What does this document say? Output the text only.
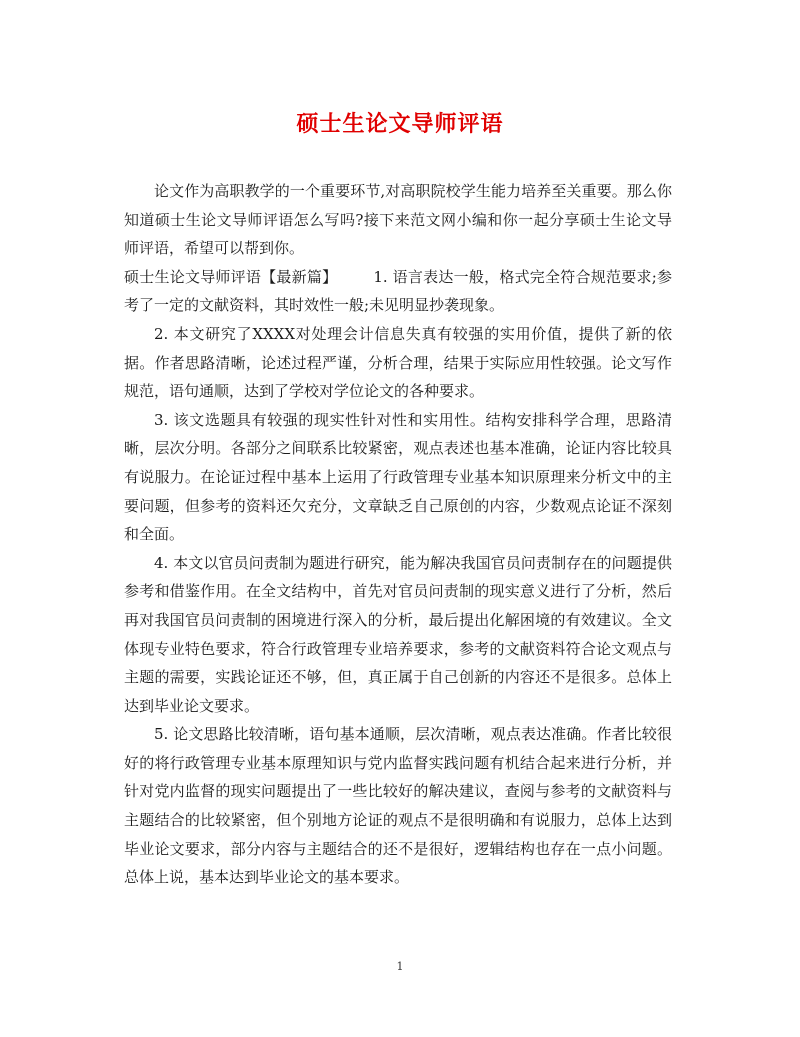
硕士生论文导师评语

论文作为高职教学的一个重要环节,对高职院校学生能力培养至关重要。那么你知道硕士生论文导师评语怎么写吗?接下来范文网小编和你一起分享硕士生论文导师评语，希望可以帮到你。

硕士生论文导师评语【最新篇】 1. 语言表达一般，格式完全符合规范要求;参考了一定的文献资料，其时效性一般;未见明显抄袭现象。

2. 本文研究了XXXX对处理会计信息失真有较强的实用价值，提供了新的依据。作者思路清晰，论述过程严谨，分析合理，结果于实际应用性较强。论文写作规范，语句通顺，达到了学校对学位论文的各种要求。

3. 该文选题具有较强的现实性针对性和实用性。结构安排科学合理，思路清晰，层次分明。各部分之间联系比较紧密，观点表述也基本准确，论证内容比较具有说服力。在论证过程中基本上运用了行政管理专业基本知识原理来分析文中的主要问题，但参考的资料还欠充分，文章缺乏自己原创的内容，少数观点论证不深刻和全面。

4. 本文以官员问责制为题进行研究，能为解决我国官员问责制存在的问题提供参考和借鉴作用。在全文结构中，首先对官员问责制的现实意义进行了分析，然后再对我国官员问责制的困境进行深入的分析，最后提出化解困境的有效建议。全文体现专业特色要求，符合行政管理专业培养要求，参考的文献资料符合论文观点与主题的需要，实践论证还不够，但，真正属于自己创新的内容还不是很多。总体上达到毕业论文要求。

5. 论文思路比较清晰，语句基本通顺，层次清晰，观点表达准确。作者比较很好的将行政管理专业基本原理知识与党内监督实践问题有机结合起来进行分析，并针对党内监督的现实问题提出了一些比较好的解决建议，查阅与参考的文献资料与主题结合的比较紧密，但个别地方论证的观点不是很明确和有说服力，总体上达到毕业论文要求，部分内容与主题结合的还不是很好，逻辑结构也存在一点小问题。总体上说，基本达到毕业论文的基本要求。

1
